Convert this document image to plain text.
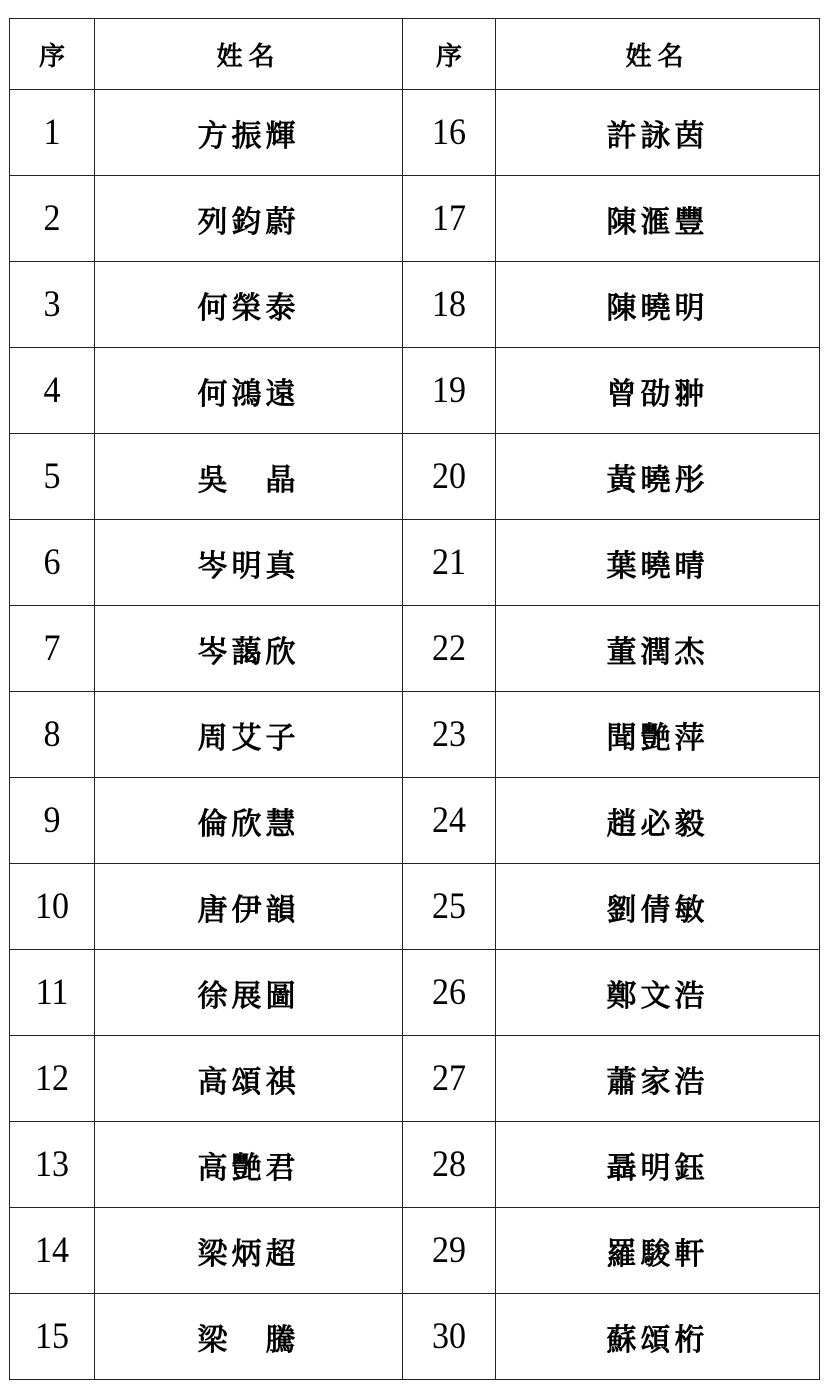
序	姓名	序	姓名
1	方振輝	16	許詠茵
2	列鈞蔚	17	陳滙豐
3	何榮泰	18	陳曉明
4	何鴻遠	19	曾劭翀
5	吳　晶	20	黃曉彤
6	岑明真	21	葉曉晴
7	岑藹欣	22	董潤杰
8	周艾子	23	聞艷萍
9	倫欣慧	24	趙必毅
10	唐伊韻	25	劉倩敏
11	徐展圖	26	鄭文浩
12	高頌祺	27	蕭家浩
13	高艷君	28	聶明鈺
14	梁炳超	29	羅駿軒
15	梁　騰	30	蘇頌桁
